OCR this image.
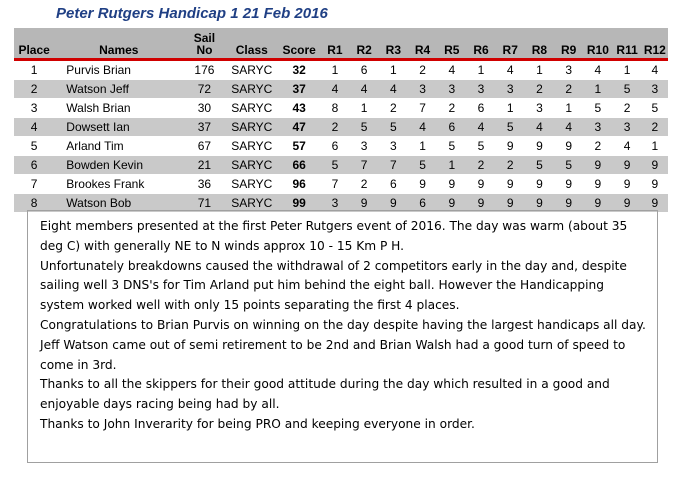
Peter Rutgers Handicap 1 21 Feb 2016
Place	Names	Sail No	Class	Score	R1	R2	R3	R4	R5	R6	R7	R8	R9	R10	R11	R12
1	Purvis Brian	176	SARYC	32	1	6	1	2	4	1	4	1	3	4	1	4
2	Watson Jeff	72	SARYC	37	4	4	4	3	3	3	3	2	2	1	5	3
3	Walsh Brian	30	SARYC	43	8	1	2	7	2	6	1	3	1	5	2	5
4	Dowsett Ian	37	SARYC	47	2	5	5	4	6	4	5	4	4	3	3	2
5	Arland Tim	67	SARYC	57	6	3	3	1	5	5	9	9	9	2	4	1
6	Bowden Kevin	21	SARYC	66	5	7	7	5	1	2	2	5	5	9	9	9
7	Brookes Frank	36	SARYC	96	7	2	6	9	9	9	9	9	9	9	9	9
8	Watson Bob	71	SARYC	99	3	9	9	6	9	9	9	9	9	9	9	9

Eight members presented at the first Peter Rutgers event of 2016. The day was warm (about 35 deg C) with generally NE to N winds approx 10 - 15 Km P H.

Unfortunately breakdowns caused the withdrawal of 2 competitors early in the day and, despite sailing well 3 DNS's for Tim Arland put him behind the eight ball. However the Handicapping system worked well with only 15 points separating the first 4 places.

Congratulations to Brian Purvis on winning on the day despite having the largest handicaps all day.

Jeff Watson came out of semi retirement to be 2nd and Brian Walsh had a good turn of speed to come in 3rd.

Thanks to all the skippers for their good attitude during the day which resulted in a good and enjoyable days racing being had by all.

Thanks to John Inverarity for being PRO and keeping everyone in order.
